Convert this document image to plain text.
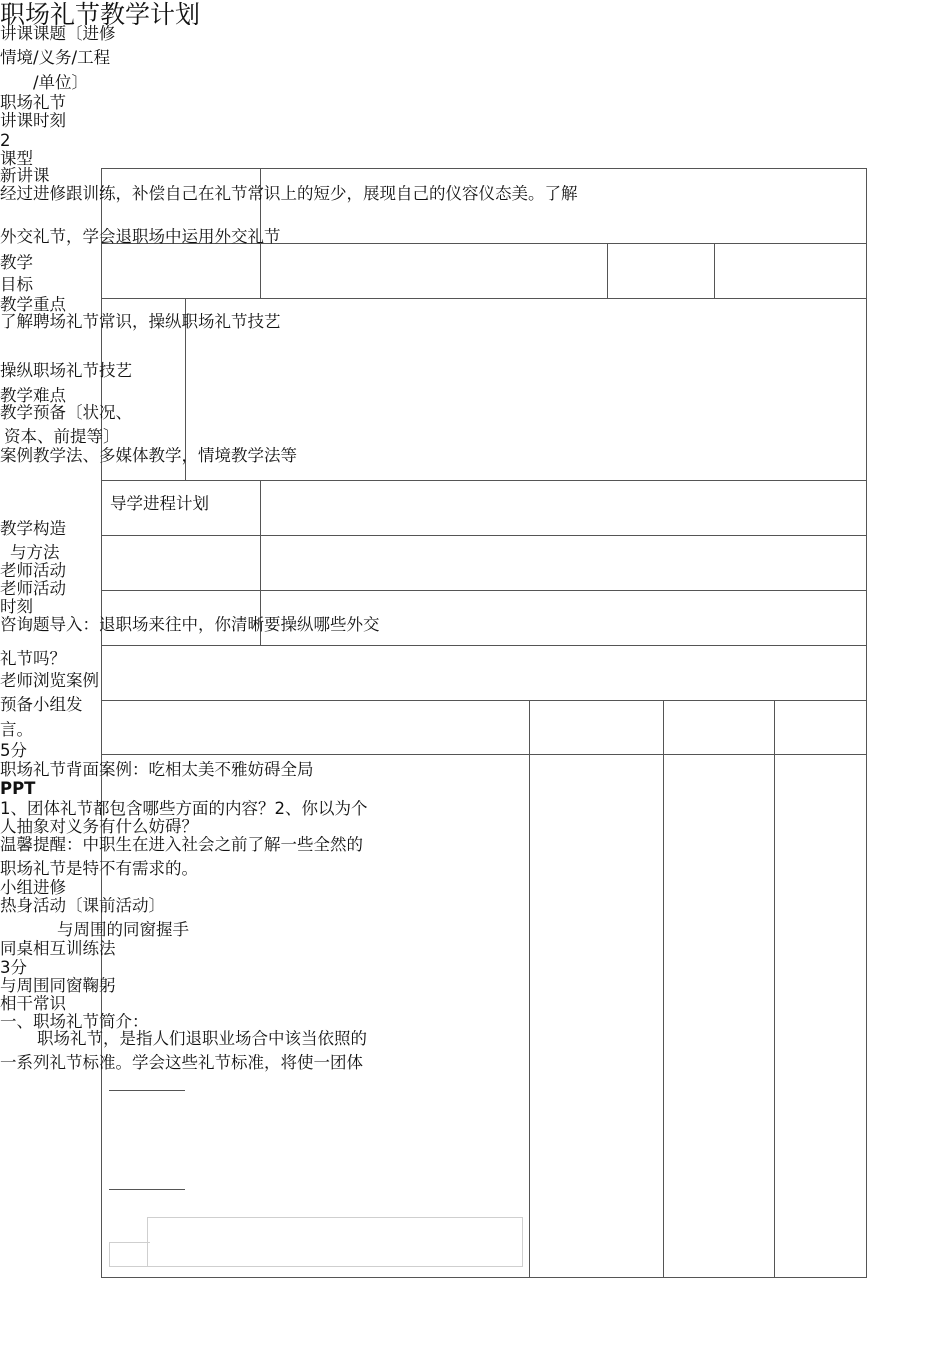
职场礼节教学计划
讲课课题〔进修
情境/义务/工程
/单位〕
职场礼节
讲课时刻
2
课型
新讲课
经过进修跟训练，补偿自己在礼节常识上的短少，展现自己的仪容仪态美。了解
外交礼节，学会退职场中运用外交礼节
教学
目标
教学重点
了解聘场礼节常识，操纵职场礼节技艺
操纵职场礼节技艺
教学难点
教学预备〔状况、
资本、前提等〕
案例教学法、多媒体教学，情境教学法等
导学进程计划
教学构造
与方法
老师活动
老师活动
时刻
咨询题导入：退职场来往中，你清晰要操纵哪些外交
礼节吗？
老师浏览案例
预备小组发
言。
5分
职场礼节背面案例：吃相太美不雅妨碍全局
PPT
1、团体礼节都包含哪些方面的内容？2、你以为个
人抽象对义务有什么妨碍？
温馨提醒：中职生在进入社会之前了解一些全然的
职场礼节是特不有需求的。
小组进修
热身活动〔课前活动〕
与周围的同窗握手
同桌相互训练法
3分
与周围同窗鞠躬
相干常识
一、职场礼节简介：
职场礼节，是指人们退职业场合中该当依照的
一系列礼节标准。学会这些礼节标准，将使一团体
